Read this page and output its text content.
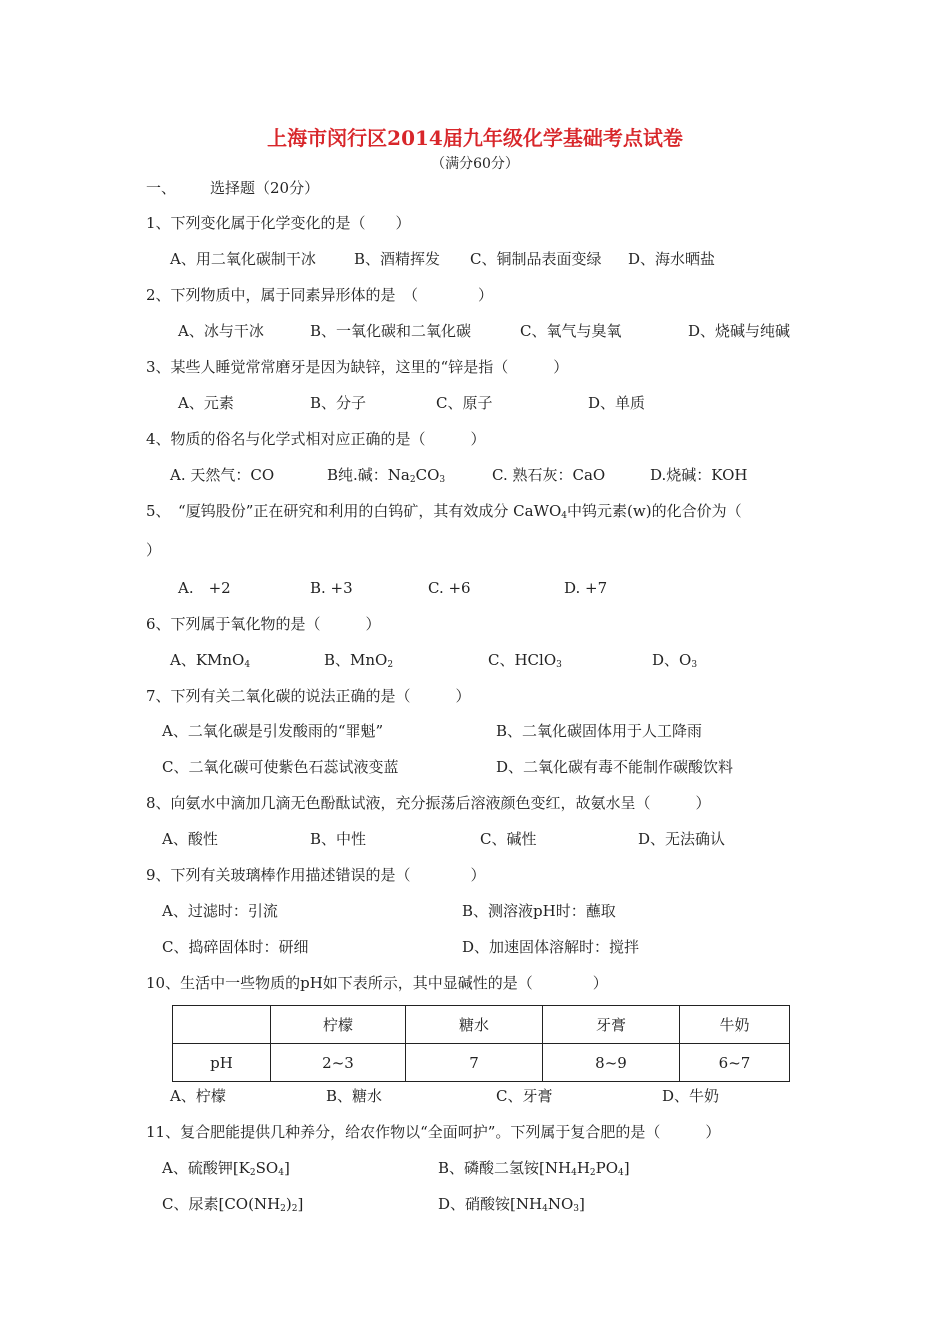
上海市闵行区2014届九年级化学基础考点试卷
（满分60分）
一、 选择题（20分）
1、下列变化属于化学变化的是（　　）
A、用二氧化碳制干冰	B、酒精挥发 C、铜制品表面变绿 D、海水晒盐
2、下列物质中，属于同素异形体的是　（　　　　）
A、冰与干冰	B、一氧化碳和二氧化碳	C、氧气与臭氧	D、烧碱与纯碱
3、某些人睡觉常常磨牙是因为缺锌，这里的“锌是指（　　　）
A、元素	B、分子	C、原子	D、单质
4、物质的俗名与化学式相对应正确的是（　　　）
A. 天然气：CO	B纯.碱：$Na_2CO_3$	C. 熟石灰：CaO	D.烧碱：KOH
5、　“厦钨股份”正在研究和利用的白钨矿，其有效成分 CaWO$_4$中钨元素(w)的化合价为（
）
A.　+2	B. +3	C. +6	D. +7
6、下列属于氧化物的是（　　　）
A、KMnO$_4$	B、MnO$_2$	C、HClO$_3$	D、$O_3$
7、下列有关二氧化碳的说法正确的是（　　　）
A、二氧化碳是引发酸雨的“罪魁”	B、二氧化碳固体用于人工降雨
C、二氧化碳可使紫色石蕊试液变蓝	D、二氧化碳有毒不能制作碳酸饮料
8、向氨水中滴加几滴无色酚酞试液，充分振荡后溶液颜色变红，故氨水呈（　　　）
A、酸性	B、中性	C、碱性	D、无法确认
9、下列有关玻璃棒作用描述错误的是（　　　　）
A、过滤时：引流	B、测溶液pH时：蘸取
C、捣碎固体时：研细	D、加速固体溶解时：搅拌
10、生活中一些物质的pH如下表所示，其中显碱性的是（　　　　）
	柠檬	糖水	牙膏	牛奶
pH	2~3	7	8~9	6~7
A、柠檬	B、糖水	C、牙膏	D、牛奶
11、复合肥能提供几种养分，给农作物以“全面呵护”。下列属于复合肥的是（　　　）
A、硫酸钾$[K_2SO_4]$	B、磷酸二氢铵$[NH_4H_2PO_4]$
C、尿素$[CO(NH_2)_2]$	D、硝酸铵$[NH_4NO_3]$
